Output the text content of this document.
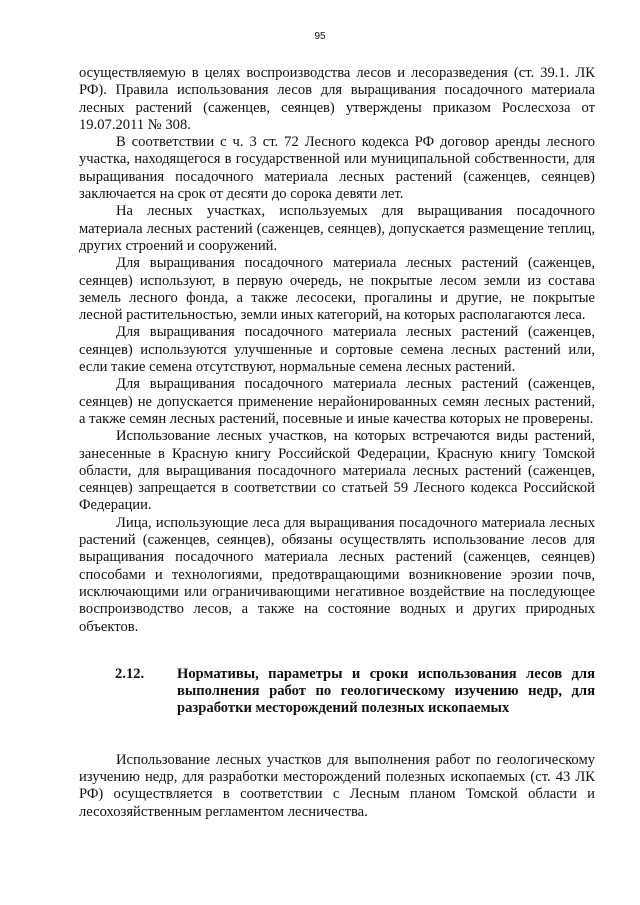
95

осуществляемую в целях воспроизводства лесов и лесоразведения (ст. 39.1. ЛК РФ). Правила использования лесов для выращивания посадочного материала лесных растений (саженцев, сеянцев) утверждены приказом Рослесхоза от 19.07.2011 № 308.

В соответствии с ч. 3 ст. 72 Лесного кодекса РФ договор аренды лесного участка, находящегося в государственной или муниципальной собственности, для выращивания посадочного материала лесных растений (саженцев, сеянцев) заключается на срок от десяти до сорока девяти лет.

На лесных участках, используемых для выращивания посадочного материала лесных растений (саженцев, сеянцев), допускается размещение теплиц, других строений и сооружений.

Для выращивания посадочного материала лесных растений (саженцев, сеянцев) используют, в первую очередь, не покрытые лесом земли из состава земель лесного фонда, а также лесосеки, прогалины и другие, не покрытые лесной растительностью, земли иных категорий, на которых располагаются леса.

Для выращивания посадочного материала лесных растений (саженцев, сеянцев) используются улучшенные и сортовые семена лесных растений или, если такие семена отсутствуют, нормальные семена лесных растений.

Для выращивания посадочного материала лесных растений (саженцев, сеянцев) не допускается применение нерайонированных семян лесных растений, а также семян лесных растений, посевные и иные качества которых не проверены.

Использование лесных участков, на которых встречаются виды растений, занесенные в Красную книгу Российской Федерации, Красную книгу Томской области, для выращивания посадочного материала лесных растений (саженцев, сеянцев) запрещается в соответствии со статьей 59 Лесного кодекса Российской Федерации.

Лица, использующие леса для выращивания посадочного материала лесных растений (саженцев, сеянцев), обязаны осуществлять использование лесов для выращивания посадочного материала лесных растений (саженцев, сеянцев) способами и технологиями, предотвращающими возникновение эрозии почв, исключающими или ограничивающими негативное воздействие на последующее воспроизводство лесов, а также на состояние водных и других природных объектов.

2.12.	Нормативы, параметры и сроки использования лесов для выполнения работ по геологическому изучению недр, для разработки месторождений полезных ископаемых

Использование лесных участков для выполнения работ по геологическому изучению недр, для разработки месторождений полезных ископаемых (ст. 43 ЛК РФ) осуществляется в соответствии с Лесным планом Томской области и лесохозяйственным регламентом лесничества.
